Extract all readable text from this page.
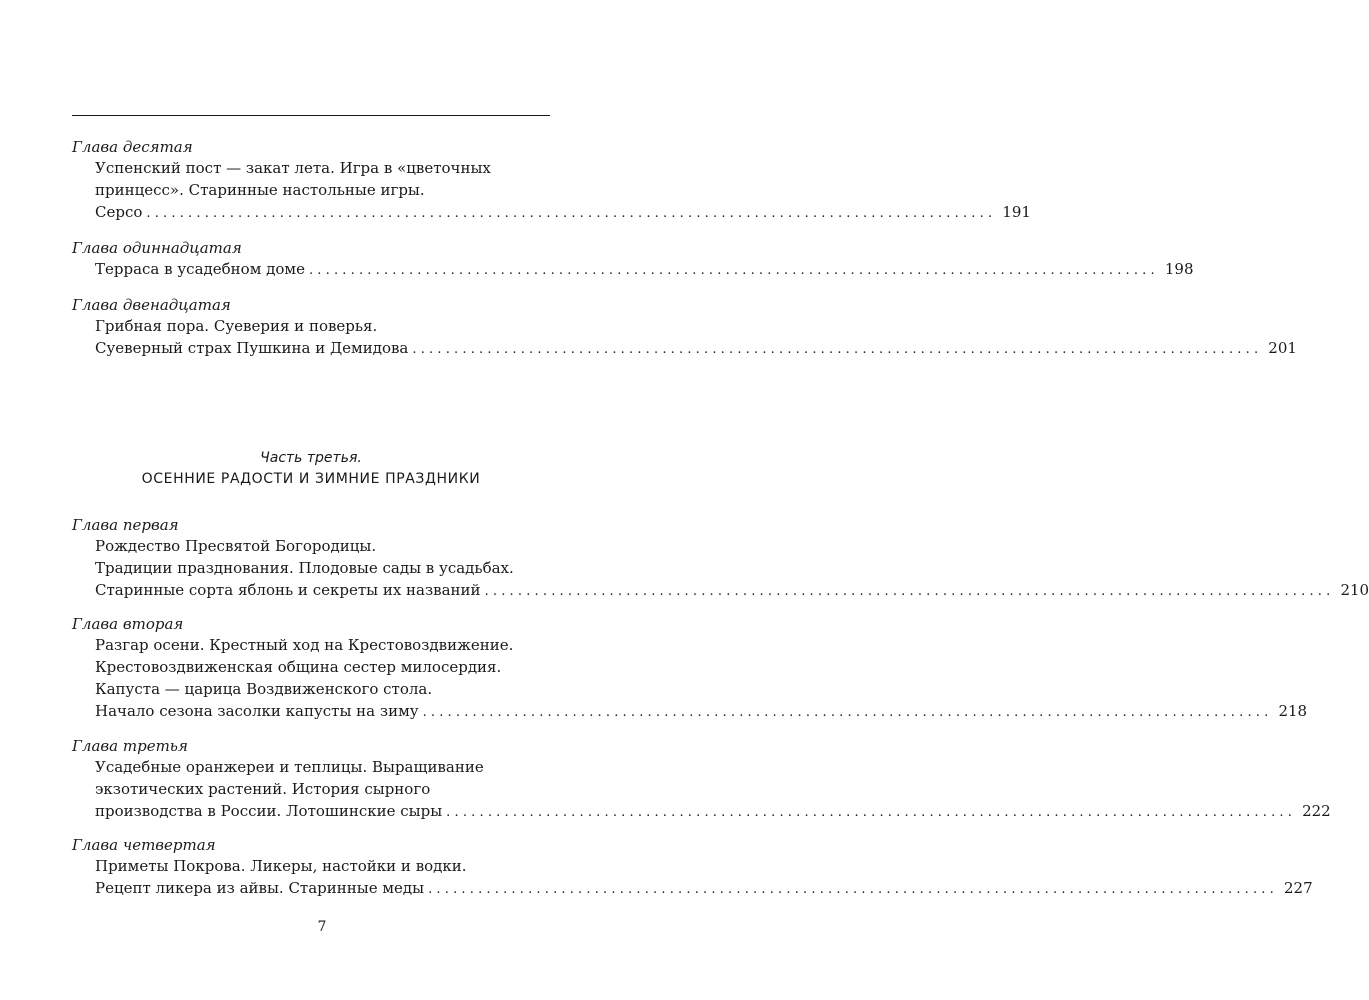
Глава десятая
Успенский пост — закат лета. Игра в «цветочных
принцесс». Старинные настольные игры.
Серсо ...................................................................................................... 191
Глава одиннадцатая
Терраса в усадебном доме ...................................................................................................... 198
Глава двенадцатая
Грибная пора. Суеверия и поверья.
Суеверный страх Пушкина и Демидова ...................................................................................................... 201
Часть третья.
ОСЕННИЕ РАДОСТИ И ЗИМНИЕ ПРАЗДНИКИ
Глава первая
Рождество Пресвятой Богородицы.
Традиции празднования. Плодовые сады в усадьбах.
Старинные сорта яблонь и секреты их названий ...................................................................................................... 210
Глава вторая
Разгар осени. Крестный ход на Крестовоздвижение.
Крестовоздвиженская община сестер милосердия.
Капуста — царица Воздвиженского стола.
Начало сезона засолки капусты на зиму ...................................................................................................... 218
Глава третья
Усадебные оранжереи и теплицы. Выращивание
экзотических растений. История сырного
производства в России. Лотошинские сыры ...................................................................................................... 222
Глава четвертая
Приметы Покрова. Ликеры, настойки и водки.
Рецепт ликера из айвы. Старинные меды ...................................................................................................... 227
7
